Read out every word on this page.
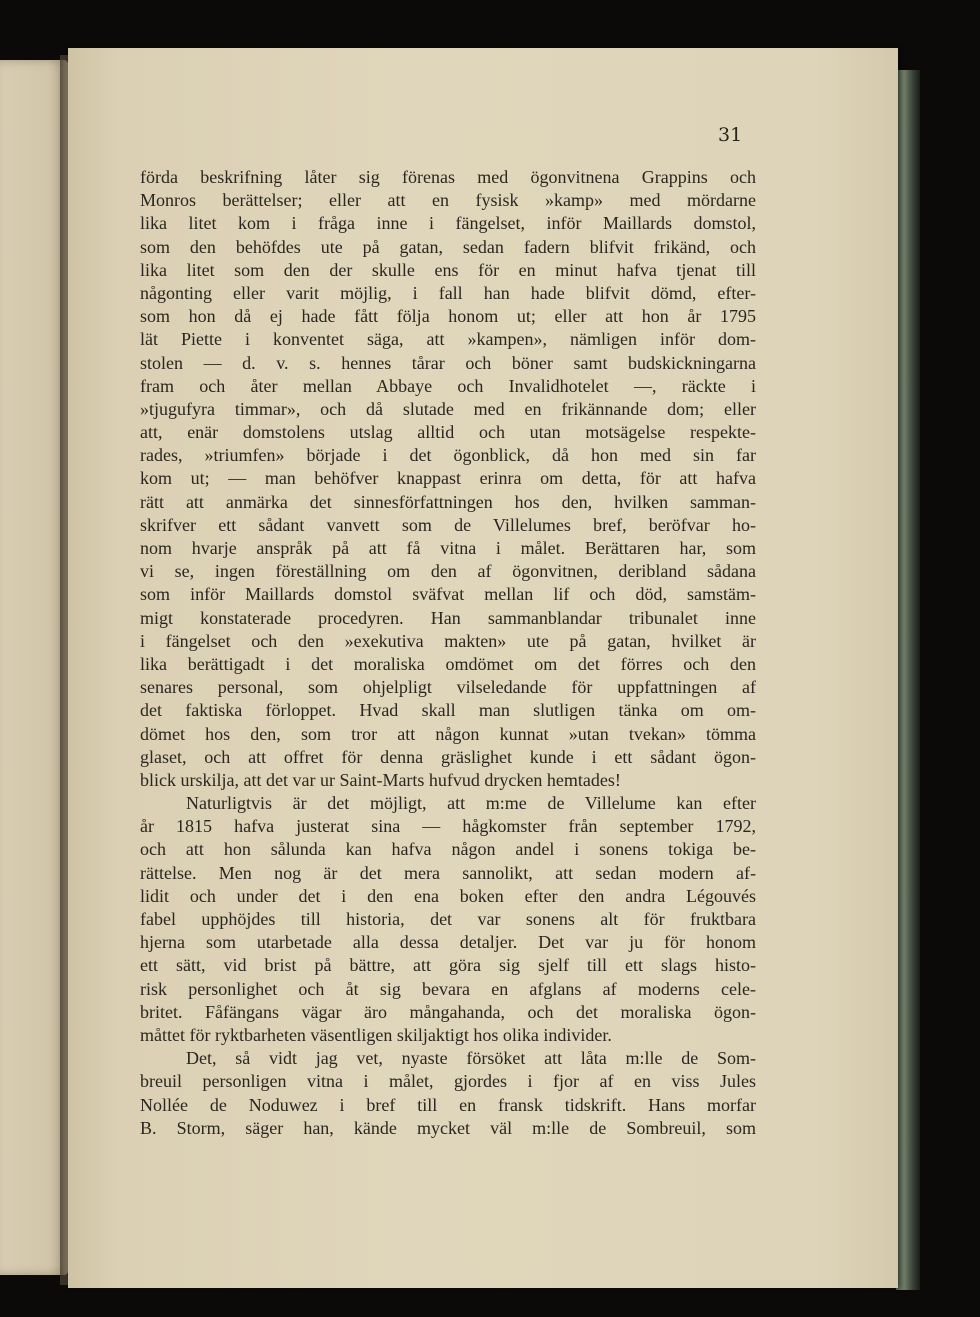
31
förda beskrifning låter sig förenas med ögonvitnena Grappins och
Monros berättelser; eller att en fysisk »kamp» med mördarne
lika litet kom i fråga inne i fängelset, inför Maillards domstol,
som den behöfdes ute på gatan, sedan fadern blifvit frikänd, och
lika litet som den der skulle ens för en minut hafva tjenat till
någonting eller varit möjlig, i fall han hade blifvit dömd, efter-
som hon då ej hade fått följa honom ut; eller att hon år 1795
lät Piette i konventet säga, att »kampen», nämligen inför dom-
stolen — d. v. s. hennes tårar och böner samt budskickningarna
fram och åter mellan Abbaye och Invalidhotelet —, räckte i
»tjugufyra timmar», och då slutade med en frikännande dom; eller
att, enär domstolens utslag alltid och utan motsägelse respekte-
rades, »triumfen» började i det ögonblick, då hon med sin far
kom ut; — man behöfver knappast erinra om detta, för att hafva
rätt att anmärka det sinnesförfattningen hos den, hvilken samman-
skrifver ett sådant vanvett som de Villelumes bref, beröfvar ho-
nom hvarje anspråk på att få vitna i målet. Berättaren har, som
vi se, ingen föreställning om den af ögonvitnen, deribland sådana
som inför Maillards domstol sväfvat mellan lif och död, samstäm-
migt konstaterade procedyren. Han sammanblandar tribunalet inne
i fängelset och den »exekutiva makten» ute på gatan, hvilket är
lika berättigadt i det moraliska omdömet om det förres och den
senares personal, som ohjelpligt vilseledande för uppfattningen af
det faktiska förloppet. Hvad skall man slutligen tänka om om-
dömet hos den, som tror att någon kunnat »utan tvekan» tömma
glaset, och att offret för denna gräslighet kunde i ett sådant ögon-
blick urskilja, att det var ur Saint-Marts hufvud drycken hemtades!
Naturligtvis är det möjligt, att m:me de Villelume kan efter
år 1815 hafva justerat sina — hågkomster från september 1792,
och att hon sålunda kan hafva någon andel i sonens tokiga be-
rättelse. Men nog är det mera sannolikt, att sedan modern af-
lidit och under det i den ena boken efter den andra Légouvés
fabel upphöjdes till historia, det var sonens alt för fruktbara
hjerna som utarbetade alla dessa detaljer. Det var ju för honom
ett sätt, vid brist på bättre, att göra sig sjelf till ett slags histo-
risk personlighet och åt sig bevara en afglans af moderns cele-
britet. Fåfängans vägar äro mångahanda, och det moraliska ögon-
måttet för ryktbarheten väsentligen skiljaktigt hos olika individer.
Det, så vidt jag vet, nyaste försöket att låta m:lle de Som-
breuil personligen vitna i målet, gjordes i fjor af en viss Jules
Nollée de Noduwez i bref till en fransk tidskrift. Hans morfar
B. Storm, säger han, kände mycket väl m:lle de Sombreuil, som
